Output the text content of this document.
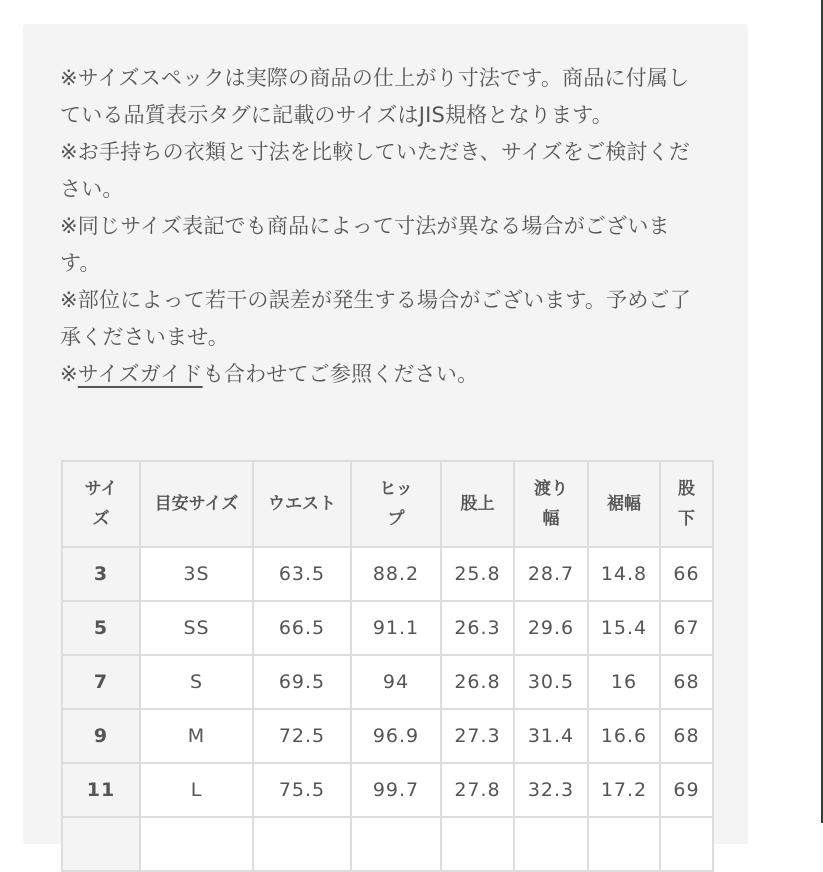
※サイズスペックは実際の商品の仕上がり寸法です。商品に付属している品質表示タグに記載のサイズはJIS規格となります。

※お手持ちの衣類と寸法を比較していただき、サイズをご検討ください。

※同じサイズ表記でも商品によって寸法が異なる場合がございます。

※部位によって若干の誤差が発生する場合がございます。予めご了承くださいませ。

※サイズガイドも合わせてご参照ください。

サイズ	目安サイズ	ウエスト	ヒップ	股上	渡り幅	裾幅	股下
3	3S	63.5	88.2	25.8	28.7	14.8	66
5	SS	66.5	91.1	26.3	29.6	15.4	67
7	S	69.5	94	26.8	30.5	16	68
9	M	72.5	96.9	27.3	31.4	16.6	68
11	L	75.5	99.7	27.8	32.3	17.2	69
